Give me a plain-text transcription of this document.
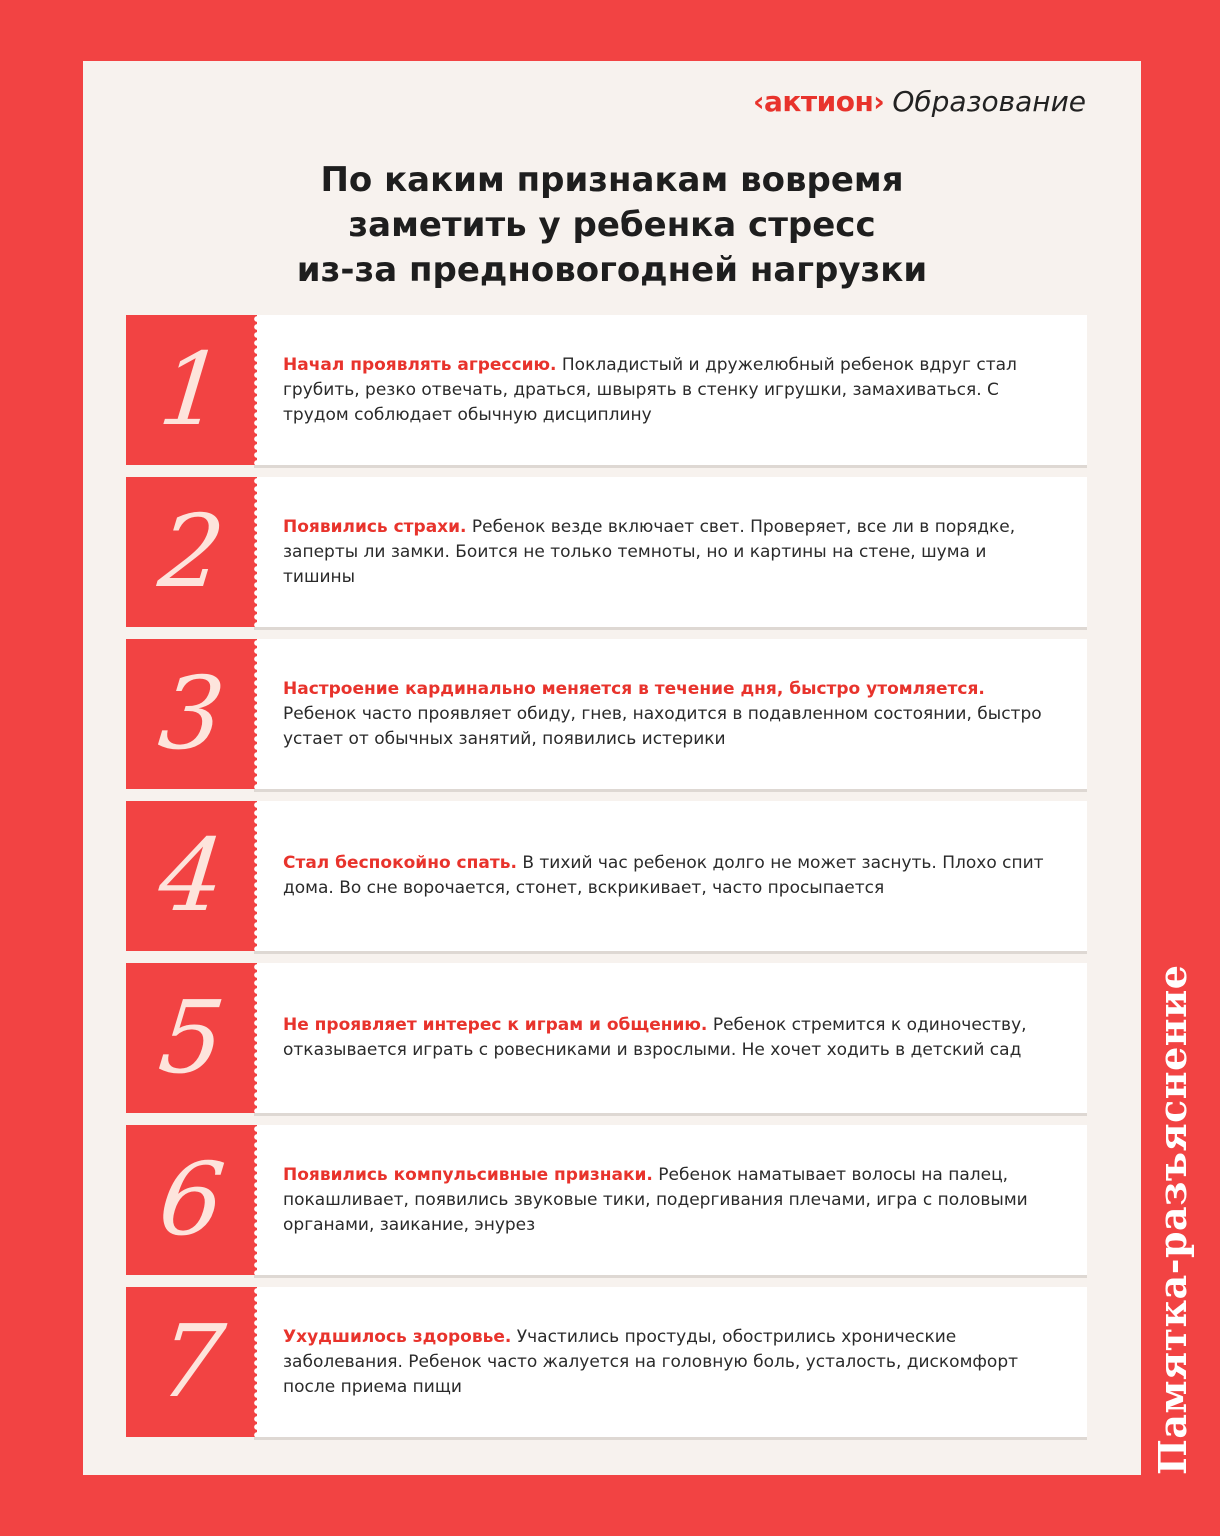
‹актион› Образование
По каким признакам вовремя
заметить у ребенка стресс
из-за предновогодней нагрузки
Начал проявлять агрессию. Покладистый и дружелюбный ребенок вдруг стал грубить, резко отвечать, драться, швырять в стенку игрушки, замахиваться. С трудом соблюдает обычную дисциплину
1
Появились страхи. Ребенок везде включает свет. Проверяет, все ли в порядке, заперты ли замки. Боится не только темноты, но и картины на стене, шума и тишины
2
Настроение кардинально меняется в течение дня, быстро утомляется. Ребенок часто проявляет обиду, гнев, находится в подавленном состоянии, быстро устает от обычных занятий, появились истерики
3
Стал беспокойно спать. В тихий час ребенок долго не может заснуть. Плохо спит дома. Во сне ворочается, стонет, вскрикивает, часто просыпается
4
Не проявляет интерес к играм и общению. Ребенок стремится к одиночеству, отказывается играть с ровесниками и взрослыми. Не хочет ходить в детский сад
5
Появились компульсивные признаки. Ребенок наматывает волосы на палец, покашливает, появились звуковые тики, подергивания плечами, игра с половыми органами, заикание, энурез
6
Ухудшилось здоровье. Участились простуды, обострились хронические заболевания. Ребенок часто жалуется на головную боль, усталость, дискомфорт после приема пищи
7	Памятка-разъяснение
